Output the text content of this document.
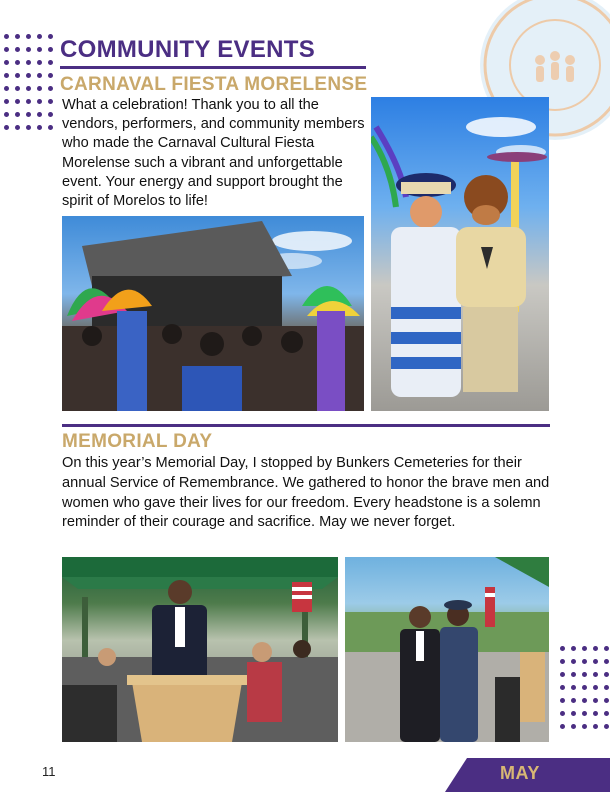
COMMUNITY EVENTS
CARNAVAL FIESTA MORELENSE
What a celebration! Thank you to all the vendors, performers, and community members who made the Carnaval Cultural Fiesta Morelense such a vibrant and unforgettable event. Your energy and support brought the spirit of Morelos to life!
MEMORIAL DAY
On this year’s Memorial Day, I stopped by Bunkers Cemeteries for their annual Service of Remembrance. We gathered to honor the brave men and women who gave their lives for our freedom. Every headstone is a solemn reminder of their courage and sacrifice. May we never forget.
11	MAY
